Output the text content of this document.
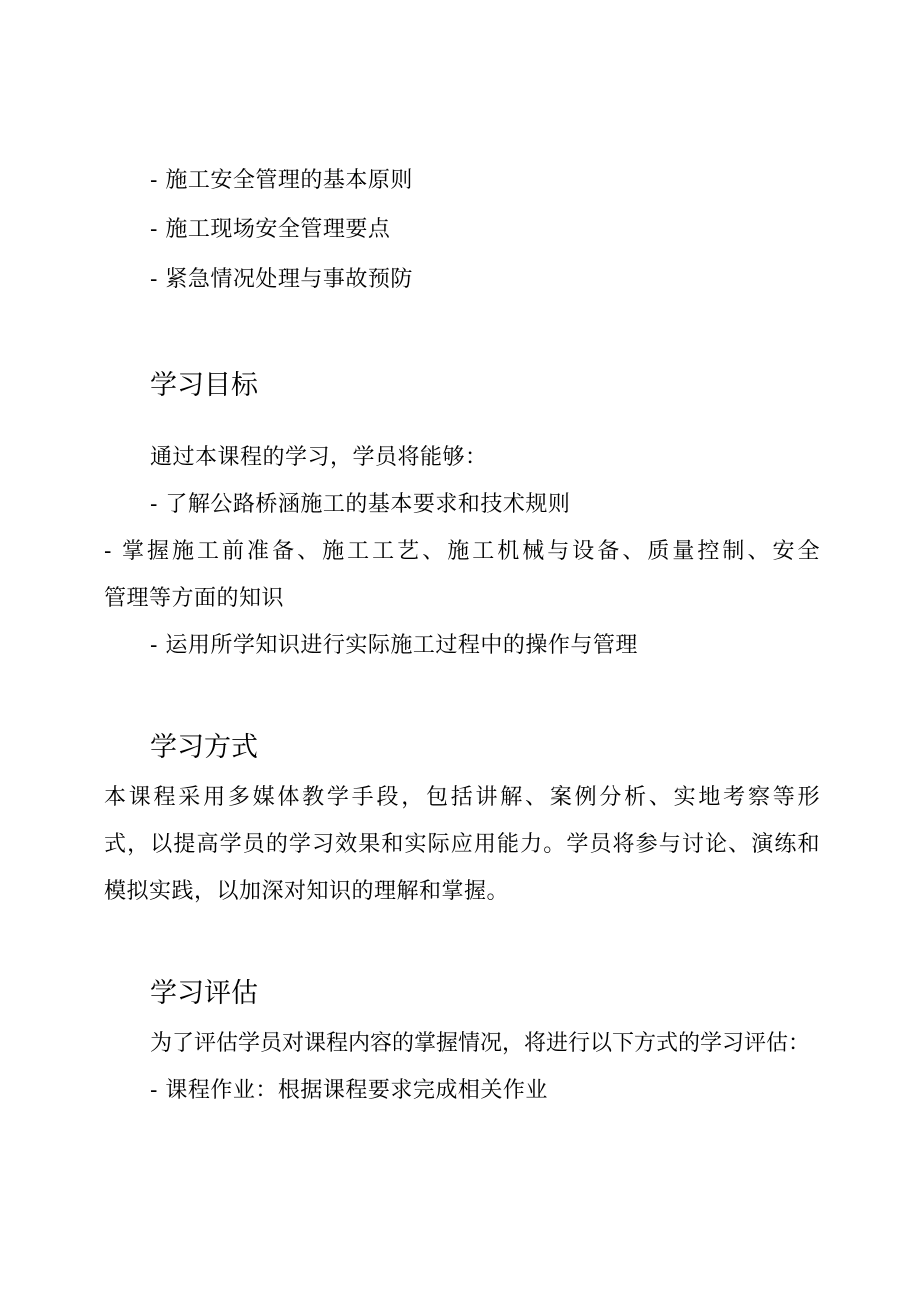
- 施工安全管理的基本原则
- 施工现场安全管理要点
- 紧急情况处理与事故预防
学习目标
通过本课程的学习，学员将能够：
- 了解公路桥涵施工的基本要求和技术规则
- 掌握施工前准备、施工工艺、施工机械与设备、质量控制、安全
管理等方面的知识
- 运用所学知识进行实际施工过程中的操作与管理
学习方式
本课程采用多媒体教学手段，包括讲解、案例分析、实地考察等形
式，以提高学员的学习效果和实际应用能力。学员将参与讨论、演练和
模拟实践，以加深对知识的理解和掌握。
学习评估
为了评估学员对课程内容的掌握情况，将进行以下方式的学习评估：
- 课程作业：根据课程要求完成相关作业
